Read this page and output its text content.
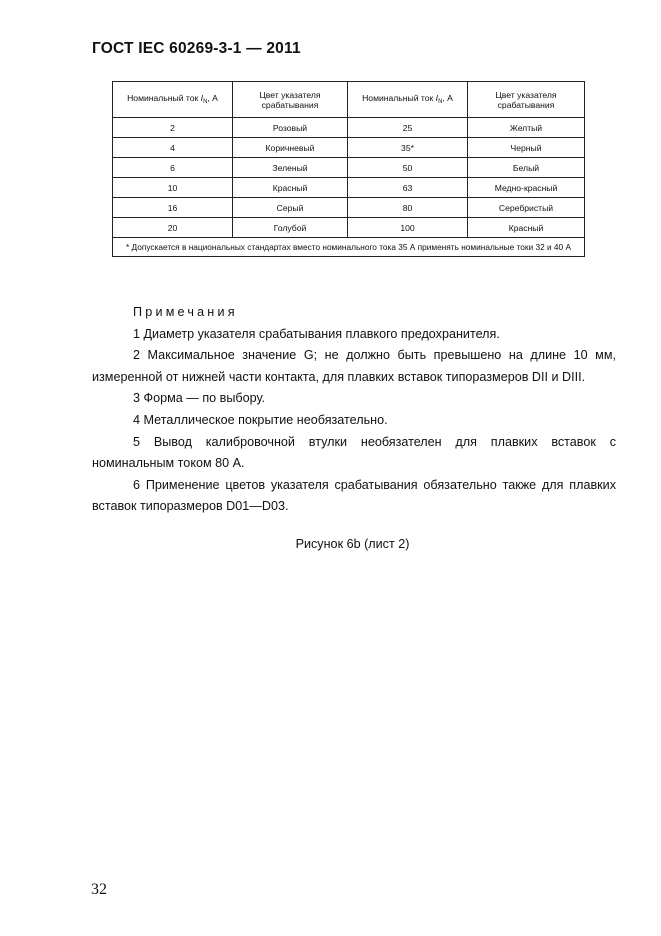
ГОСТ IEC 60269-3-1 — 2011
Номинальный ток $I_N$, А	Цвет указателя срабатывания	Номинальный ток $I_N$, А	Цвет указателя срабатывания
2	Розовый	25	Желтый
4	Коричневый	35*	Черный
6	Зеленый	50	Белый
10	Красный	63	Медно-красный
16	Серый	80	Серебристый
20	Голубой	100	Красный
* Допускается в национальных стандартах вместо номинального тока 35 А применять номинальные токи 32 и 40 А			

Примечания

1 Диаметр указателя срабатывания плавкого предохранителя.

2 Максимальное значение G; не должно быть превышено на длине 10 мм, измеренной от нижней части контакта, для плавких вставок типоразмеров DII и DIII.

3 Форма — по выбору.

4 Металлическое покрытие необязательно.

5 Вывод калибровочной втулки необязателен для плавких вставок с номинальным током 80 А.

6 Применение цветов указателя срабатывания обязательно также для плавких вставок типоразмеров D01—D03.

Рисунок 6b (лист 2)
32
